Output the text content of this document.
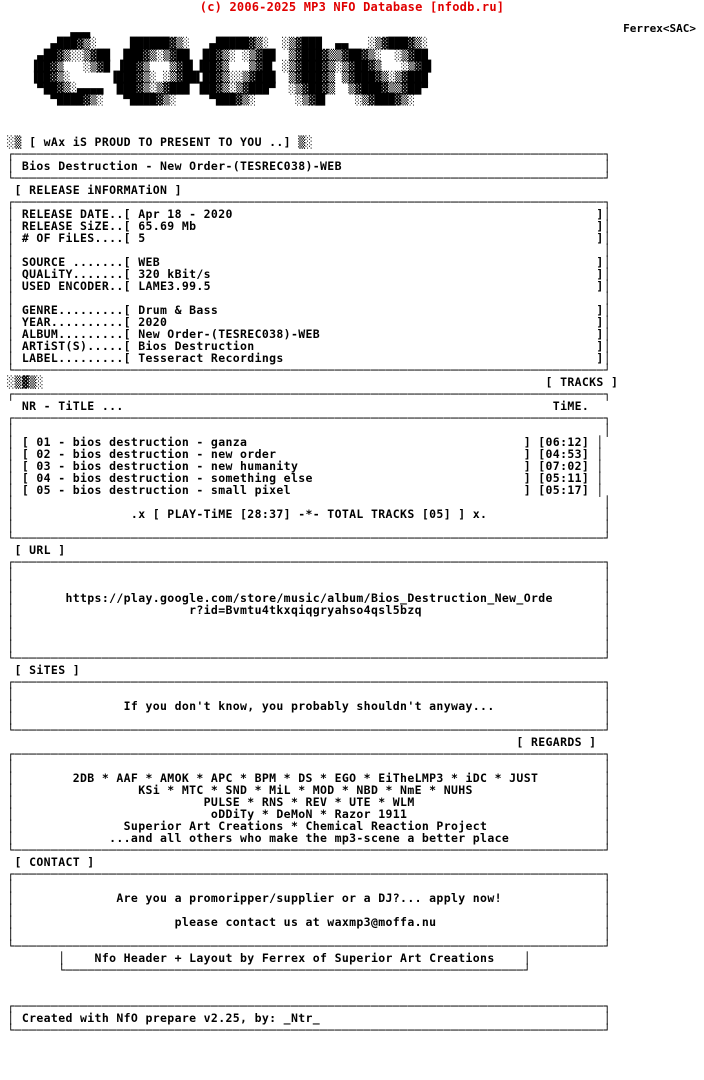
(c) 2006-2025 MP3 NFO Database [nfodb.ru]

▄▄▄
▄███▓▒░     ██████▓▒░   ▄█████▓▒░  ░▒▓███  ▄▄   ░▒▓███▓▒░
▄██▓▒░░▒▓██  ███▓▒░▒▓██  ██▓▒░ ░▒▓██  ▒▓███▓▒▒▓██▓▒░  ░▒▓██
▐██▓▒   ░▒▓█ ▐██▓▒   ▒▓█▌▐██▓▒   ▒▓█▌ ░▒▓███▓▒░▒▓██▓▒   ░▒▓█▌
▐██▓▒░      ▐███▓▒░ ░▒▓██▌██▓▒░░▒▓███  ▒▓███▓▒ ▒▓███▓▒░▒▓███
▀██▓▒░▄▄▄▄  ███▓▒░▒▓███ ▐██▓▒░▒▓███▀  ░▒▓██▓▒  ▒▓███▓▒▒▓██▀
▀████▓▒░   ▀████▓▒░     ▀███▓▒░      ░▒▓█▌    ░▒▓███▓▒░

Ferrex<SAC>
░▒ [ wAx iS PROUD TO PRESENT TO YOU ..] ▒░
┌─────────────────────────────────────────────────────────────────────────────────┐
│ Bios Destruction - New Order-(TESREC038)-WEB                                    │
└─────────────────────────────────────────────────────────────────────────────────┘
[ RELEASE iNFORMATiON ]
┌─────────────────────────────────────────────────────────────────────────────────┐
│ RELEASE DATE..[ Apr 18 - 2020                                                  ]│
│ RELEASE SiZE..[ 65.69 Mb                                                       ]│
│ # OF FiLES....[ 5                                                              ]│
│                                                                                 │
│ SOURCE .......[ WEB                                                            ]│
│ QUALiTY.......[ 320 kBit/s                                                     ]│
│ USED ENCODER..[ LAME3.99.5                                                     ]│
│                                                                                 │
│ GENRE.........[ Drum & Bass                                                    ]│
│ YEAR..........[ 2020                                                           ]│
│ ALBUM.........[ New Order-(TESREC038)-WEB                                      ]│
│ ARTiST(S).....[ Bios Destruction                                               ]│
│ LABEL.........[ Tesseract Recordings                                           ]│
└─────────────────────────────────────────────────────────────────────────────────┘
░▒▓▒░                                                                     [ TRACKS ]
┌─────────────────────────────────────────────────────────────────────────────────┐
NR - TiTLE ...                                                           TiME.
┌─────────────────────────────────────────────────────────────────────────────────┐
│                                                                                 │
│ [ 01 - bios destruction - ganza                                      ] [06:12] │
│ [ 02 - bios destruction - new order                                  ] [04:53] │
│ [ 03 - bios destruction - new humanity                               ] [07:02] │
│ [ 04 - bios destruction - something else                             ] [05:11] │
│ [ 05 - bios destruction - small pixel                                ] [05:17] │
│                                                                                 │
│                .x [ PLAY-TiME [28:37] -*- TOTAL TRACKS [05] ] x.                │
│                                                                                 │
└─────────────────────────────────────────────────────────────────────────────────┘
[ URL ]
┌─────────────────────────────────────────────────────────────────────────────────┐
│                                                                                 │
│                                                                                 │
│       https://play.google.com/store/music/album/Bios_Destruction_New_Orde       │
│                        r?id=Bvmtu4tkxqiqgryahso4qsl5bzq                         │
│                                                                                 │
│                                                                                 │
│                                                                                 │
└─────────────────────────────────────────────────────────────────────────────────┘
[ SiTES ]
┌─────────────────────────────────────────────────────────────────────────────────┐
│                                                                                 │
│               If you don't know, you probably shouldn't anyway...               │
│                                                                                 │
└─────────────────────────────────────────────────────────────────────────────────┘
[ REGARDS ]
┌─────────────────────────────────────────────────────────────────────────────────┐
│                                                                                 │
│        2DB * AAF * AMOK * APC * BPM * DS * EGO * EiTheLMP3 * iDC * JUST         │
│                 KSi * MTC * SND * MiL * MOD * NBD * NmE * NUHS                  │
│                          PULSE * RNS * REV * UTE * WLM                          │
│                           oDDiTy * DeMoN * Razor 1911                           │
│               Superior Art Creations * Chemical Reaction Project                │
│             ...and all others who make the mp3-scene a better place             │
└─────────────────────────────────────────────────────────────────────────────────┘
[ CONTACT ]
┌─────────────────────────────────────────────────────────────────────────────────┐
│                                                                                 │
│              Are you a promoripper/supplier or a DJ?... apply now!              │
│                                                                                 │
│                      please contact us at waxmp3@moffa.nu                       │
│                                                                                 │
└─────────────────────────────────────────────────────────────────────────────────┘
│    Nfo Header + Layout by Ferrex of Superior Art Creations    │
└───────────────────────────────────────────────────────────────┘
┌─────────────────────────────────────────────────────────────────────────────────┐
│ Created with NfO prepare v2.25, by: _Ntr_                                       │
└─────────────────────────────────────────────────────────────────────────────────┘
